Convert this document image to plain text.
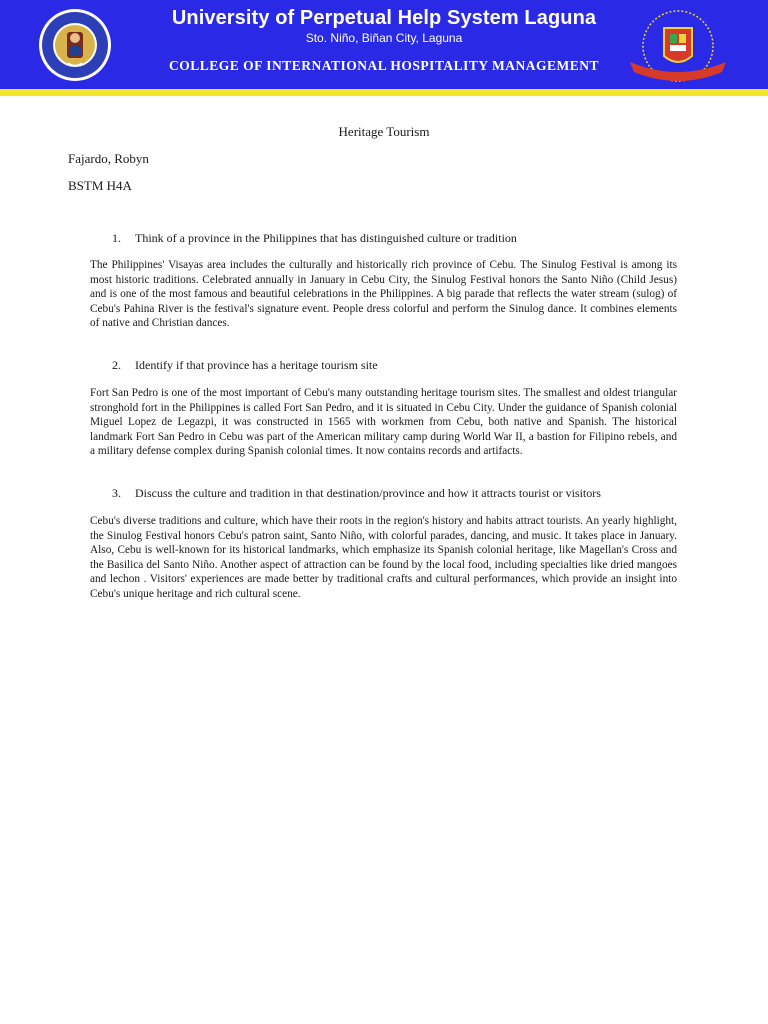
University of Perpetual Help System Laguna
Sto. Niño, Biñan City, Laguna
COLLEGE OF INTERNATIONAL HOSPITALITY MANAGEMENT
Heritage Tourism
Fajardo, Robyn
BSTM H4A
1. Think of a province in the Philippines that has distinguished culture or tradition
The Philippines' Visayas area includes the culturally and historically rich province of Cebu. The Sinulog Festival is among its most historic traditions. Celebrated annually in January in Cebu City, the Sinulog Festival honors the Santo Niño (Child Jesus) and is one of the most famous and beautiful celebrations in the Philippines. A big parade that reflects the water stream (sulog) of Cebu's Pahina River is the festival's signature event. People dress colorful and perform the Sinulog dance. It combines elements of native and Christian dances.
2. Identify if that province has a heritage tourism site
Fort San Pedro is one of the most important of Cebu's many outstanding heritage tourism sites. The smallest and oldest triangular stronghold fort in the Philippines is called Fort San Pedro, and it is situated in Cebu City. Under the guidance of Spanish colonial Miguel Lopez de Legazpi, it was constructed in 1565 with workmen from Cebu, both native and Spanish. The historical landmark Fort San Pedro in Cebu was part of the American military camp during World War II, a bastion for Filipino rebels, and a military defense complex during Spanish colonial times. It now contains records and artifacts.
3. Discuss the culture and tradition in that destination/province and how it attracts tourist or visitors
Cebu's diverse traditions and culture, which have their roots in the region's history and habits attract tourists. An yearly highlight, the Sinulog Festival honors Cebu's patron saint, Santo Niño, with colorful parades, dancing, and music. It takes place in January. Also, Cebu is well-known for its historical landmarks, which emphasize its Spanish colonial heritage, like Magellan's Cross and the Basilica del Santo Niño. Another aspect of attraction can be found by the local food, including specialties like dried mangoes and lechon . Visitors' experiences are made better by traditional crafts and cultural performances, which provide an insight into Cebu's unique heritage and rich cultural scene.
